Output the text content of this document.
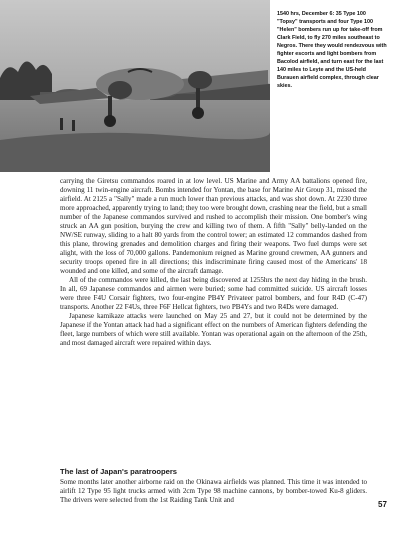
1540 hrs, December 6: 35 Type 100 "Topsy" transports and four Type 100 "Helen" bombers run up for take-off from Clark Field, to fly 270 miles southeast to Negros. There they would rendezvous with fighter escorts and light bombers from Bacolod airfield, and turn east for the last 140 miles to Leyte and the US-held Burauen airfield complex, through clear skies.

carrying the Giretsu commandos roared in at low level. US Marine and Army AA battalions opened fire, downing 11 twin-engine aircraft. Bombs intended for Yontan, the base for Marine Air Group 31, missed the airfield. At 2125 a "Sally" made a run much lower than previous attacks, and was shot down. At 2230 three more approached, apparently trying to land; they too were brought down, crashing near the field, but a small number of the Japanese commandos survived and rushed to accomplish their mission. One bomber's wing struck an AA gun position, burying the crew and killing two of them. A fifth "Sally" belly-landed on the NW/SE runway, sliding to a halt 80 yards from the control tower; an estimated 12 commandos dashed from this plane, throwing grenades and demolition charges and firing their weapons. Two fuel dumps were set alight, with the loss of 70,000 gallons. Pandemonium reigned as Marine ground crewmen, AA gunners and security troops opened fire in all directions; this indiscriminate firing caused most of the Americans' 18 wounded and one killed, and some of the aircraft damage.

All of the commandos were killed, the last being discovered at 1255hrs the next day hiding in the brush. In all, 69 Japanese commandos and airmen were buried; some had committed suicide. US aircraft losses were three F4U Corsair fighters, two four-engine PB4Y Privateer patrol bombers, and four R4D (C-47) transports. Another 22 F4Us, three F6F Hellcat fighters, two PB4Ys and two R4Ds were damaged.

Japanese kamikaze attacks were launched on May 25 and 27, but it could not be determined by the Japanese if the Yontan attack had had a significant effect on the numbers of American fighters defending the fleet, large numbers of which were still available. Yontan was operational again on the afternoon of the 25th, and most damaged aircraft were repaired within days.

The last of Japan's paratroopers

Some months later another airborne raid on the Okinawa airfields was planned. This time it was intended to airlift 12 Type 95 light trucks armed with 2cm Type 98 machine cannons, by bomber-towed Ku-8 gliders. The drivers were selected from the 1st Raiding Tank Unit and	57
